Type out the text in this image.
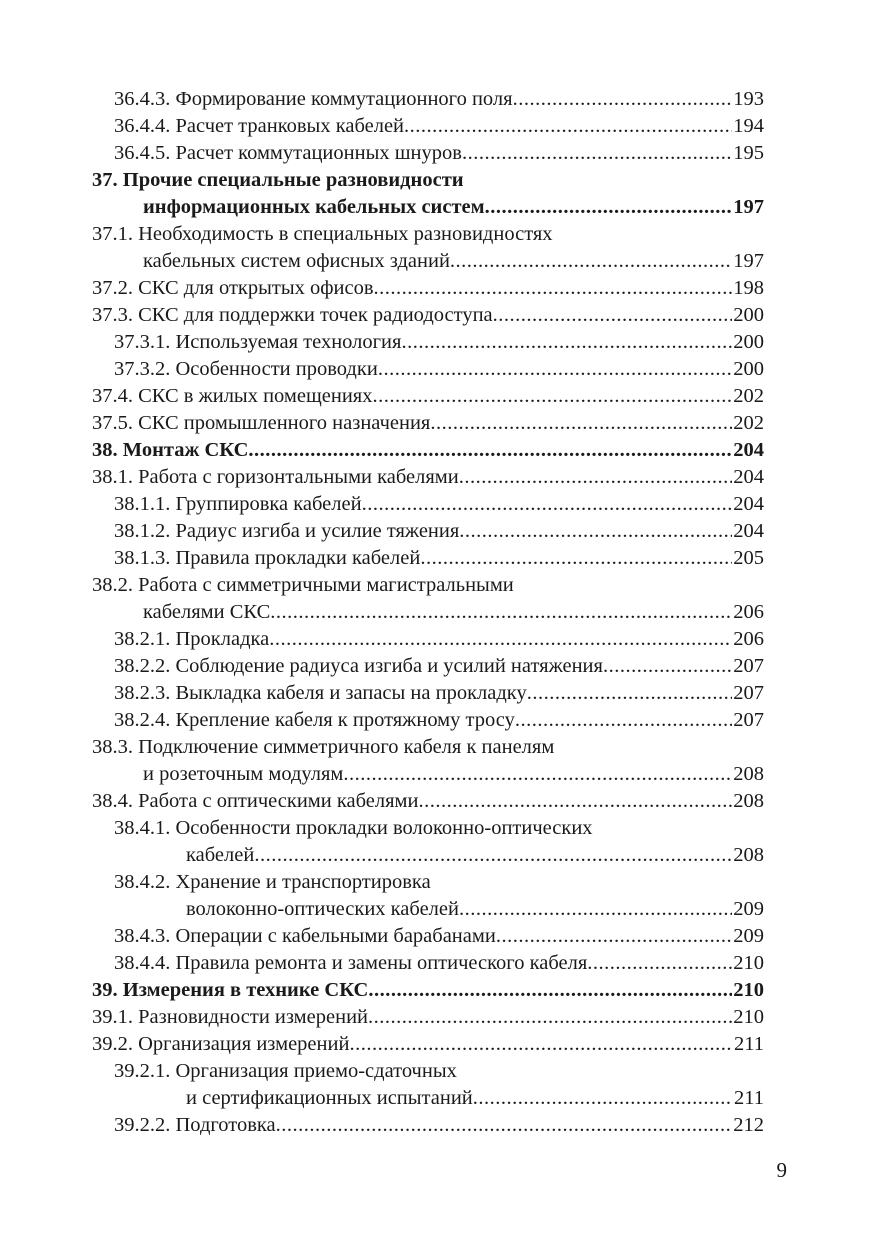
36.4.3. Формирование коммутационного поля .....	193
36.4.4. Расчет транковых кабелей .....	194
36.4.5. Расчет коммутационных шнуров .....	195
37. Прочие специальные разновидности
информационных кабельных систем .....	197
37.1. Необходимость в специальных разновидностях
кабельных систем офисных зданий .....	197
37.2. СКС для открытых офисов .....	198
37.3. СКС для поддержки точек радиодоступа .....	200
37.3.1. Используемая технология .....	200
37.3.2. Особенности проводки .....	200
37.4. СКС в жилых помещениях .....	202
37.5. СКС промышленного назначения .....	202
38. Монтаж СКС .....	204
38.1. Работа с горизонтальными кабелями .....	204
38.1.1. Группировка кабелей .....	204
38.1.2. Радиус изгиба и усилие тяжения .....	204
38.1.3. Правила прокладки кабелей .....	205
38.2. Работа с симметричными магистральными
кабелями СКС .....	206
38.2.1. Прокладка .....	206
38.2.2. Соблюдение радиуса изгиба и усилий натяжения .....	207
38.2.3. Выкладка кабеля и запасы на прокладку .....	207
38.2.4. Крепление кабеля к протяжному тросу .....	207
38.3. Подключение симметричного кабеля к панелям
и розеточным модулям .....	208
38.4. Работа с оптическими кабелями .....	208
38.4.1. Особенности прокладки волоконно-оптических
кабелей .....	208
38.4.2. Хранение и транспортировка
волоконно-оптических кабелей .....	209
38.4.3. Операции с кабельными барабанами .....	209
38.4.4. Правила ремонта и замены оптического кабеля .....	210
39. Измерения в технике СКС .....	210
39.1. Разновидности измерений .....	210
39.2. Организация измерений .....	211
39.2.1. Организация приемо-сдаточных
и сертификационных испытаний .....	211
39.2.2. Подготовка .....	212
9
